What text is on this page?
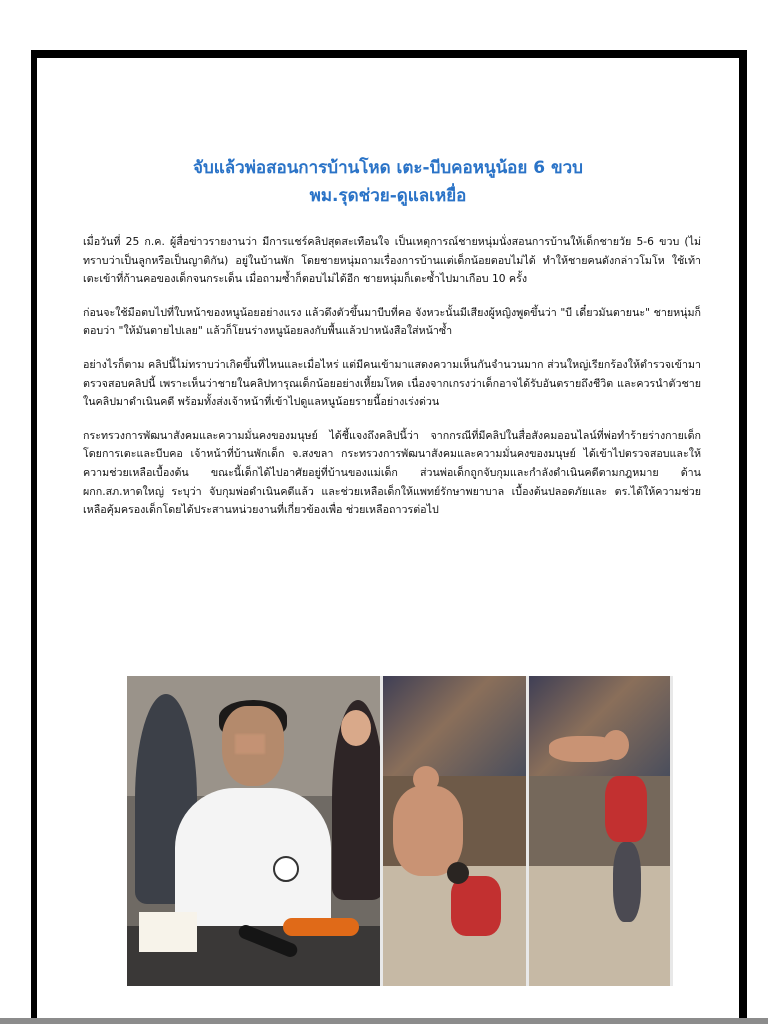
จับแล้วพ่อสอนการบ้านโหด เตะ-บีบคอหนูน้อย 6 ขวบ
พม.รุดช่วย-ดูแลเหยื่อ

เมื่อวันที่ 25 ก.ค. ผู้สื่อข่าวรายงานว่า มีการแชร์คลิปสุดสะเทือนใจ เป็นเหตุการณ์ชายหนุ่มนั่งสอนการบ้านให้เด็กชายวัย 5-6 ขวบ (ไม่ทราบว่าเป็นลูกหรือเป็นญาติกัน) อยู่ในบ้านพัก โดยชายหนุ่มถามเรื่องการบ้านแต่เด็กน้อยตอบไม่ได้ ทำให้ชายคนดังกล่าวโมโห ใช้เท้าเตะเข้าที่ก้านคอของเด็กจนกระเด็น เมื่อถามซ้ำก็ตอบไม่ได้อีก ชายหนุ่มก็เตะซ้ำไปมาเกือบ 10 ครั้ง

ก่อนจะใช้มือตบไปที่ใบหน้าของหนูน้อยอย่างแรง แล้วดึงตัวขึ้นมาบีบที่คอ จังหวะนั้นมีเสียงผู้หญิงพูดขึ้นว่า "บี เดี๋ยวมันตายนะ" ชายหนุ่มก็ตอบว่า "ให้มันตายไปเลย" แล้วก็โยนร่างหนูน้อยลงกับพื้นแล้วปาหนังสือใส่หน้าซ้ำ

อย่างไรก็ตาม คลิปนี้ไม่ทราบว่าเกิดขึ้นที่ไหนและเมื่อไหร่ แต่มีคนเข้ามาแสดงความเห็นกันจำนวนมาก ส่วนใหญ่เรียกร้องให้ตำรวจเข้ามาตรวจสอบคลิปนี้ เพราะเห็นว่าชายในคลิปทารุณเด็กน้อยอย่างเหี้ยมโหด เนื่องจากเกรงว่าเด็กอาจได้รับอันตรายถึงชีวิต และควรนำตัวชายในคลิปมาดำเนินคดี พร้อมทั้งส่งเจ้าหน้าที่เข้าไปดูแลหนูน้อยรายนี้อย่างเร่งด่วน

กระทรวงการพัฒนาสังคมและความมั่นคงของมนุษย์ ได้ชี้แจงถึงคลิปนี้ว่า จากกรณีที่มีคลิปในสื่อสังคมออนไลน์ที่พ่อทำร้ายร่างกายเด็กโดยการเตะและบีบคอ เจ้าหน้าที่บ้านพักเด็ก จ.สงขลา กระทรวงการพัฒนาสังคมและความมั่นคงของมนุษย์ ได้เข้าไปตรวจสอบและให้ความช่วยเหลือเบื้องต้น ขณะนี้เด็กได้ไปอาศัยอยู่ที่บ้านของแม่เด็ก ส่วนพ่อเด็กถูกจับกุมและกำลังดำเนินคดีตามกฎหมาย ด้าน ผกก.สภ.หาดใหญ่ ระบุว่า จับกุมพ่อดำเนินคดีแล้ว และช่วยเหลือเด็กให้แพทย์รักษาพยาบาล เบื้องต้นปลอดภัยและ ตร.ได้ให้ความช่วยเหลือคุ้มครองเด็กโดยได้ประสานหน่วยงานที่เกี่ยวข้องเพื่อ ช่วยเหลือถาวรต่อไป
